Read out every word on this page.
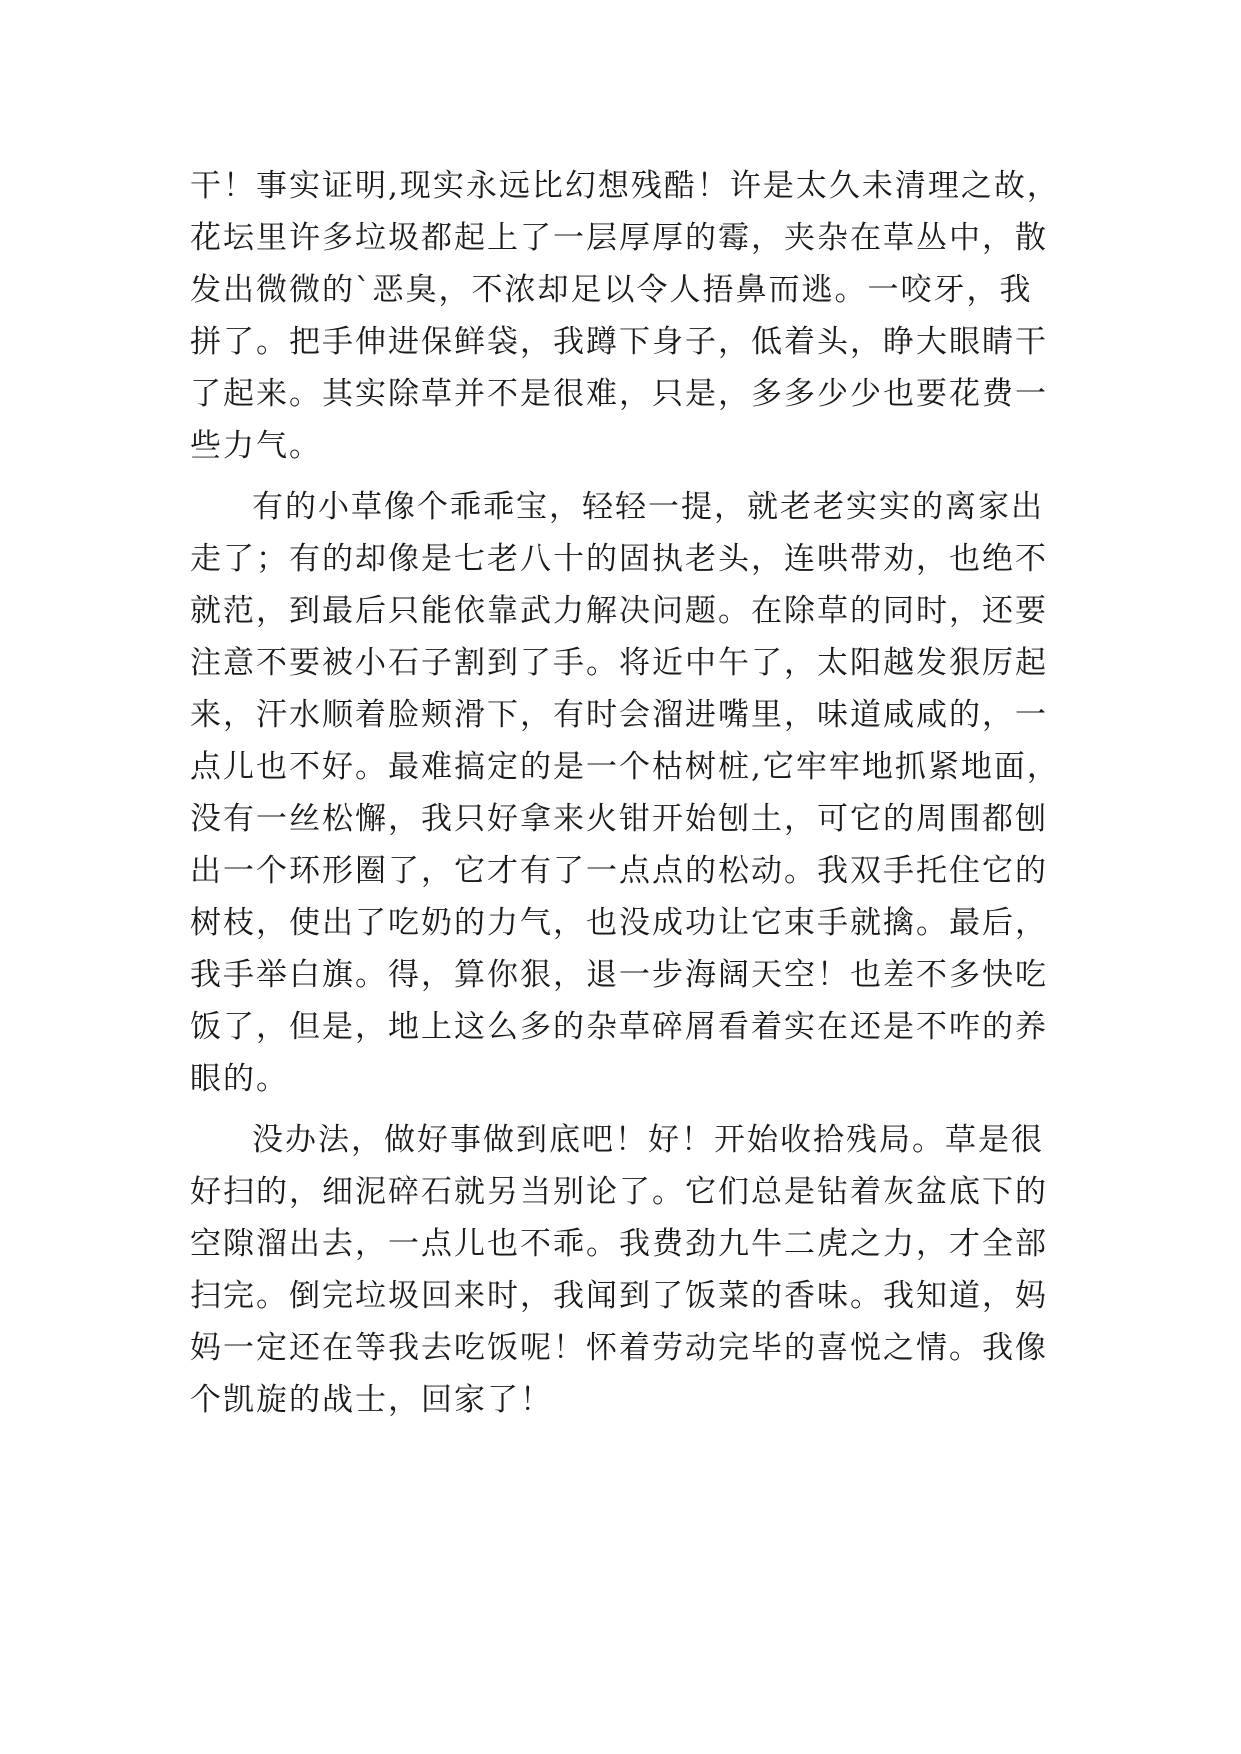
干！事实证明,现实永远比幻想残酷！许是太久未清理之故，

花坛里许多垃圾都起上了一层厚厚的霉，夹杂在草丛中，散

发出微微的`恶臭，不浓却足以令人捂鼻而逃。一咬牙，我

拼了。把手伸进保鲜袋，我蹲下身子，低着头，睁大眼睛干

了起来。其实除草并不是很难，只是，多多少少也要花费一

些力气。

有的小草像个乖乖宝，轻轻一提，就老老实实的离家出

走了；有的却像是七老八十的固执老头，连哄带劝，也绝不

就范，到最后只能依靠武力解决问题。在除草的同时，还要

注意不要被小石子割到了手。将近中午了，太阳越发狠厉起

来，汗水顺着脸颊滑下，有时会溜进嘴里，味道咸咸的，一

点儿也不好。最难搞定的是一个枯树桩,它牢牢地抓紧地面，

没有一丝松懈，我只好拿来火钳开始刨土，可它的周围都刨

出一个环形圈了，它才有了一点点的松动。我双手托住它的

树枝，使出了吃奶的力气，也没成功让它束手就擒。最后，

我手举白旗。得，算你狠，退一步海阔天空！也差不多快吃

饭了，但是，地上这么多的杂草碎屑看着实在还是不咋的养

眼的。

没办法，做好事做到底吧！好！开始收拾残局。草是很

好扫的，细泥碎石就另当别论了。它们总是钻着灰盆底下的

空隙溜出去，一点儿也不乖。我费劲九牛二虎之力，才全部

扫完。倒完垃圾回来时，我闻到了饭菜的香味。我知道，妈

妈一定还在等我去吃饭呢！怀着劳动完毕的喜悦之情。我像

个凯旋的战士，回家了！
